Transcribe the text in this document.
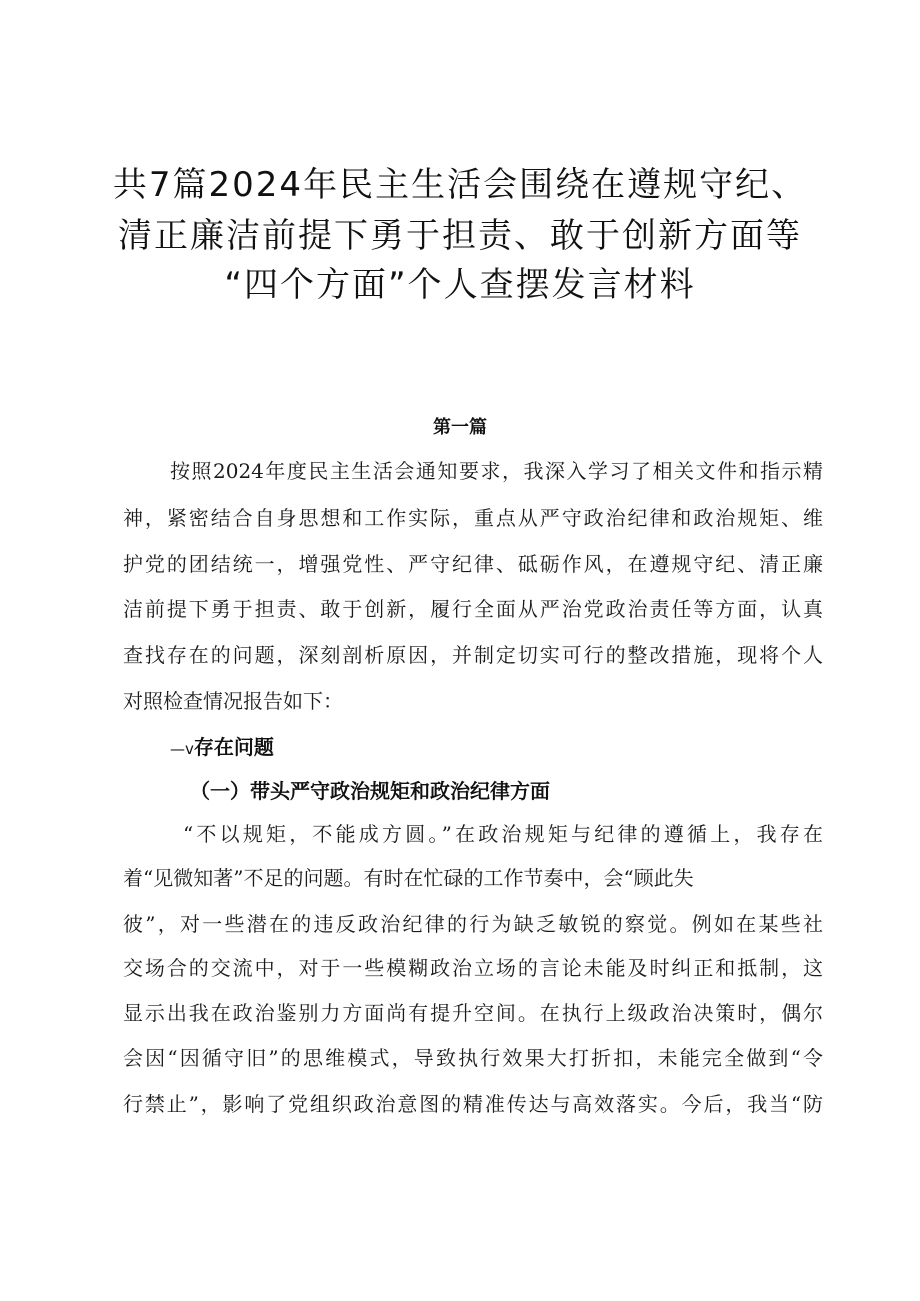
共7篇2024年民主生活会围绕在遵规守纪、
清正廉洁前提下勇于担责、敢于创新方面等
“四个方面”个人查摆发言材料
第一篇
按照2024年度民主生活会通知要求，我深入学习了相关文件和指示精
神，紧密结合自身思想和工作实际，重点从严守政治纪律和政治规矩、维
护党的团结统一，增强党性、严守纪律、砥砺作风，在遵规守纪、清正廉
洁前提下勇于担责、敢于创新，履行全面从严治党政治责任等方面，认真
查找存在的问题，深刻剖析原因，并制定切实可行的整改措施，现将个人
对照检查情况报告如下：
—v存在问题
（一）带头严守政治规矩和政治纪律方面
“不以规矩，不能成方圆。”在政治规矩与纪律的遵循上，我存在
着“见微知著”不足的问题。有时在忙碌的工作节奏中，会“顾此失
彼”，对一些潜在的违反政治纪律的行为缺乏敏锐的察觉。例如在某些社
交场合的交流中，对于一些模糊政治立场的言论未能及时纠正和抵制，这
显示出我在政治鉴别力方面尚有提升空间。在执行上级政治决策时，偶尔
会因“因循守旧”的思维模式，导致执行效果大打折扣，未能完全做到“令
行禁止”，影响了党组织政治意图的精准传达与高效落实。今后，我当“防
